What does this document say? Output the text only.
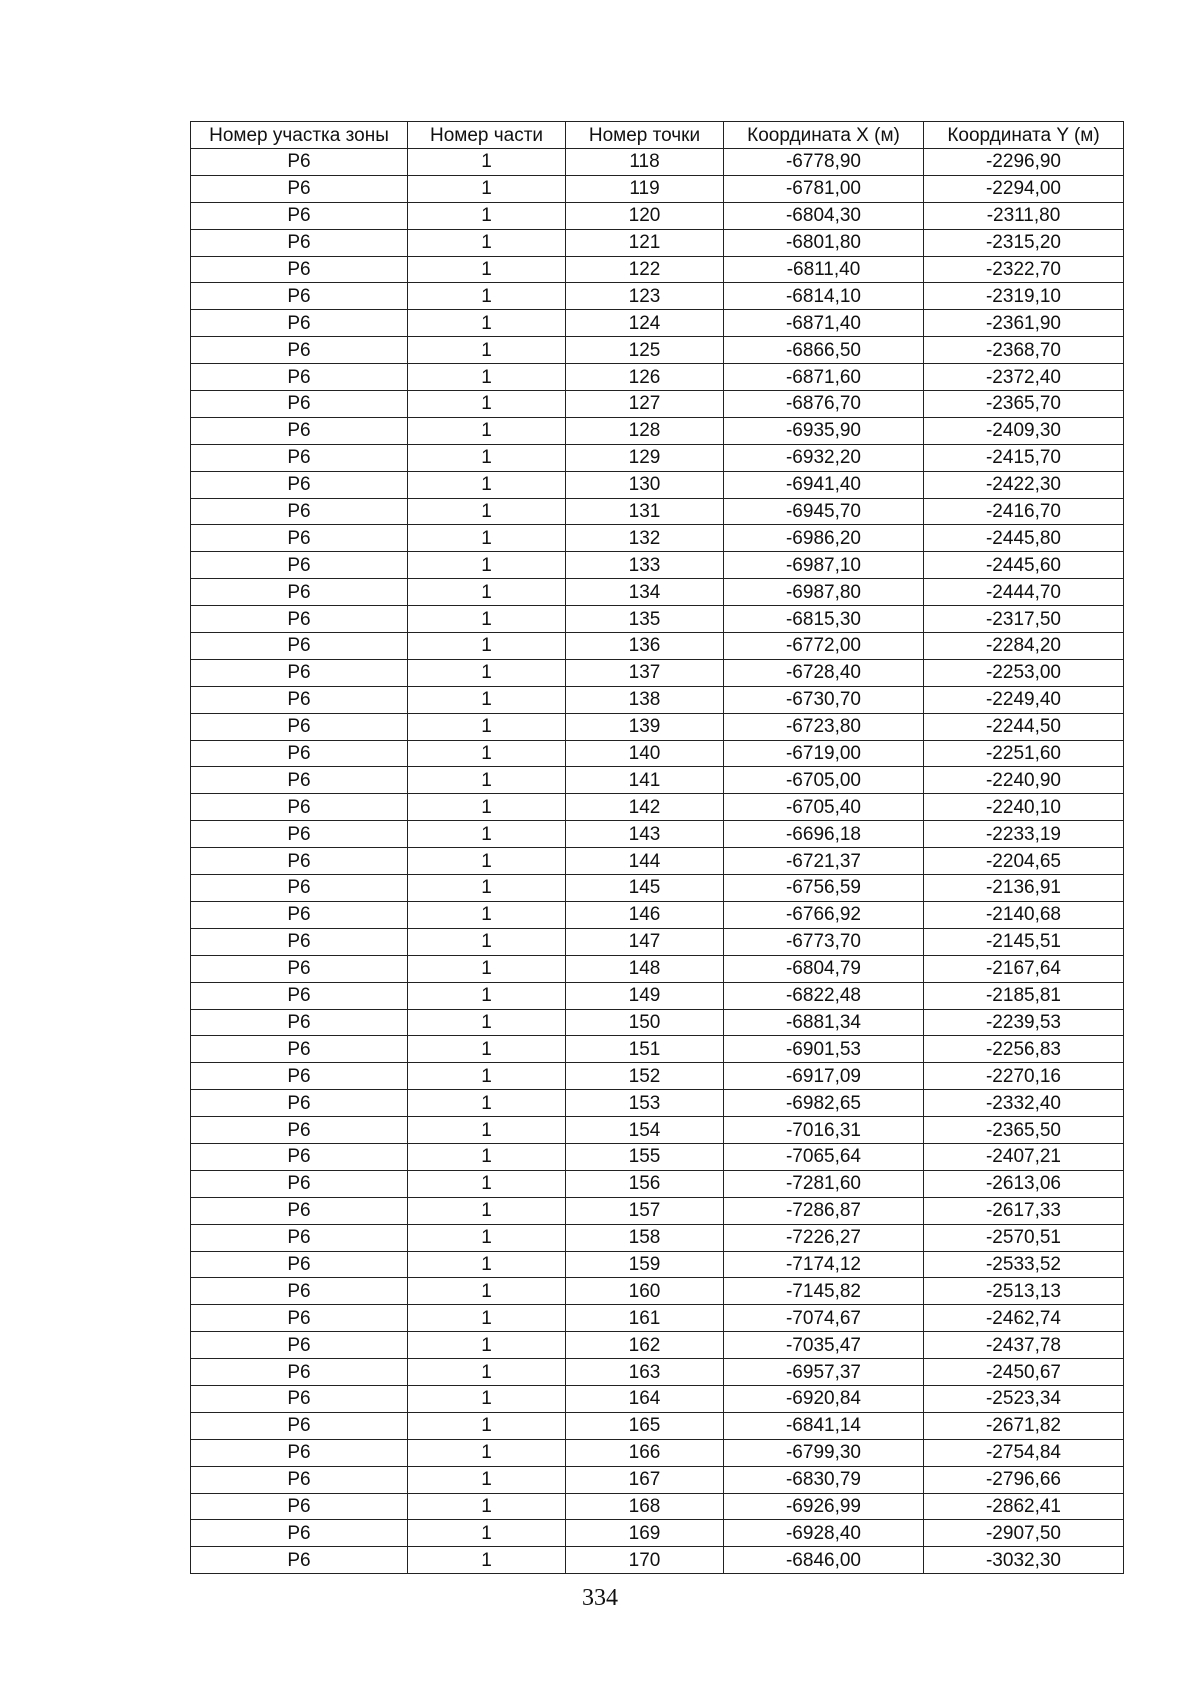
Номер участка зоны	Номер части	Номер точки	Координата X (м)	Координата Y (м)
Р6	1	118	-6778,90	-2296,90
Р6	1	119	-6781,00	-2294,00
Р6	1	120	-6804,30	-2311,80
Р6	1	121	-6801,80	-2315,20
Р6	1	122	-6811,40	-2322,70
Р6	1	123	-6814,10	-2319,10
Р6	1	124	-6871,40	-2361,90
Р6	1	125	-6866,50	-2368,70
Р6	1	126	-6871,60	-2372,40
Р6	1	127	-6876,70	-2365,70
Р6	1	128	-6935,90	-2409,30
Р6	1	129	-6932,20	-2415,70
Р6	1	130	-6941,40	-2422,30
Р6	1	131	-6945,70	-2416,70
Р6	1	132	-6986,20	-2445,80
Р6	1	133	-6987,10	-2445,60
Р6	1	134	-6987,80	-2444,70
Р6	1	135	-6815,30	-2317,50
Р6	1	136	-6772,00	-2284,20
Р6	1	137	-6728,40	-2253,00
Р6	1	138	-6730,70	-2249,40
Р6	1	139	-6723,80	-2244,50
Р6	1	140	-6719,00	-2251,60
Р6	1	141	-6705,00	-2240,90
Р6	1	142	-6705,40	-2240,10
Р6	1	143	-6696,18	-2233,19
Р6	1	144	-6721,37	-2204,65
Р6	1	145	-6756,59	-2136,91
Р6	1	146	-6766,92	-2140,68
Р6	1	147	-6773,70	-2145,51
Р6	1	148	-6804,79	-2167,64
Р6	1	149	-6822,48	-2185,81
Р6	1	150	-6881,34	-2239,53
Р6	1	151	-6901,53	-2256,83
Р6	1	152	-6917,09	-2270,16
Р6	1	153	-6982,65	-2332,40
Р6	1	154	-7016,31	-2365,50
Р6	1	155	-7065,64	-2407,21
Р6	1	156	-7281,60	-2613,06
Р6	1	157	-7286,87	-2617,33
Р6	1	158	-7226,27	-2570,51
Р6	1	159	-7174,12	-2533,52
Р6	1	160	-7145,82	-2513,13
Р6	1	161	-7074,67	-2462,74
Р6	1	162	-7035,47	-2437,78
Р6	1	163	-6957,37	-2450,67
Р6	1	164	-6920,84	-2523,34
Р6	1	165	-6841,14	-2671,82
Р6	1	166	-6799,30	-2754,84
Р6	1	167	-6830,79	-2796,66
Р6	1	168	-6926,99	-2862,41
Р6	1	169	-6928,40	-2907,50
Р6	1	170	-6846,00	-3032,30
334
